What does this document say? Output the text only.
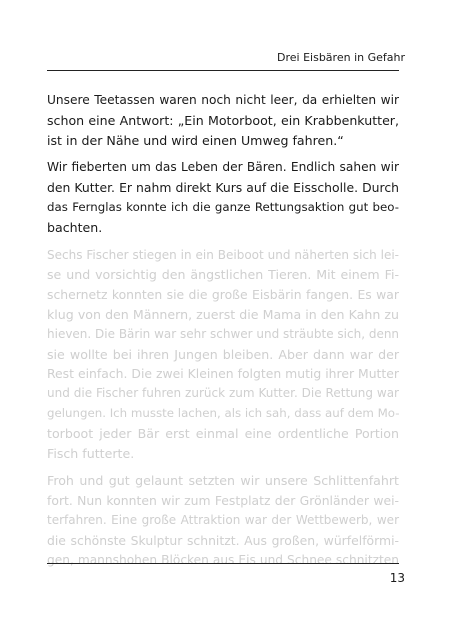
Drei Eisbären in Gefahr

Unsere Teetassen waren noch nicht leer, da erhielten wir
schon eine Antwort: „Ein Motorboot, ein Krabbenkutter,
ist in der Nähe und wird einen Umweg fahren.“

Wir fieberten um das Leben der Bären. Endlich sahen wir
den Kutter. Er nahm direkt Kurs auf die Eisscholle. Durch
das Fernglas konnte ich die ganze Rettungsaktion gut beo-
bachten.

Sechs Fischer stiegen in ein Beiboot und näherten sich lei-
se und vorsichtig den ängstlichen Tieren. Mit einem Fi-
schernetz konnten sie die große Eisbärin fangen. Es war
klug von den Männern, zuerst die Mama in den Kahn zu
hieven. Die Bärin war sehr schwer und sträubte sich, denn
sie wollte bei ihren Jungen bleiben. Aber dann war der
Rest einfach. Die zwei Kleinen folgten mutig ihrer Mutter
und die Fischer fuhren zurück zum Kutter. Die Rettung war
gelungen. Ich musste lachen, als ich sah, dass auf dem Mo-
torboot jeder Bär erst einmal eine ordentliche Portion
Fisch futterte.

Froh und gut gelaunt setzten wir unsere Schlittenfahrt
fort. Nun konnten wir zum Festplatz der Grönländer wei-
terfahren. Eine große Attraktion war der Wettbewerb, wer
die schönste Skulptur schnitzt. Aus großen, würfelförmi-
gen, mannshohen Blöcken aus Eis und Schnee schnitzten

13
